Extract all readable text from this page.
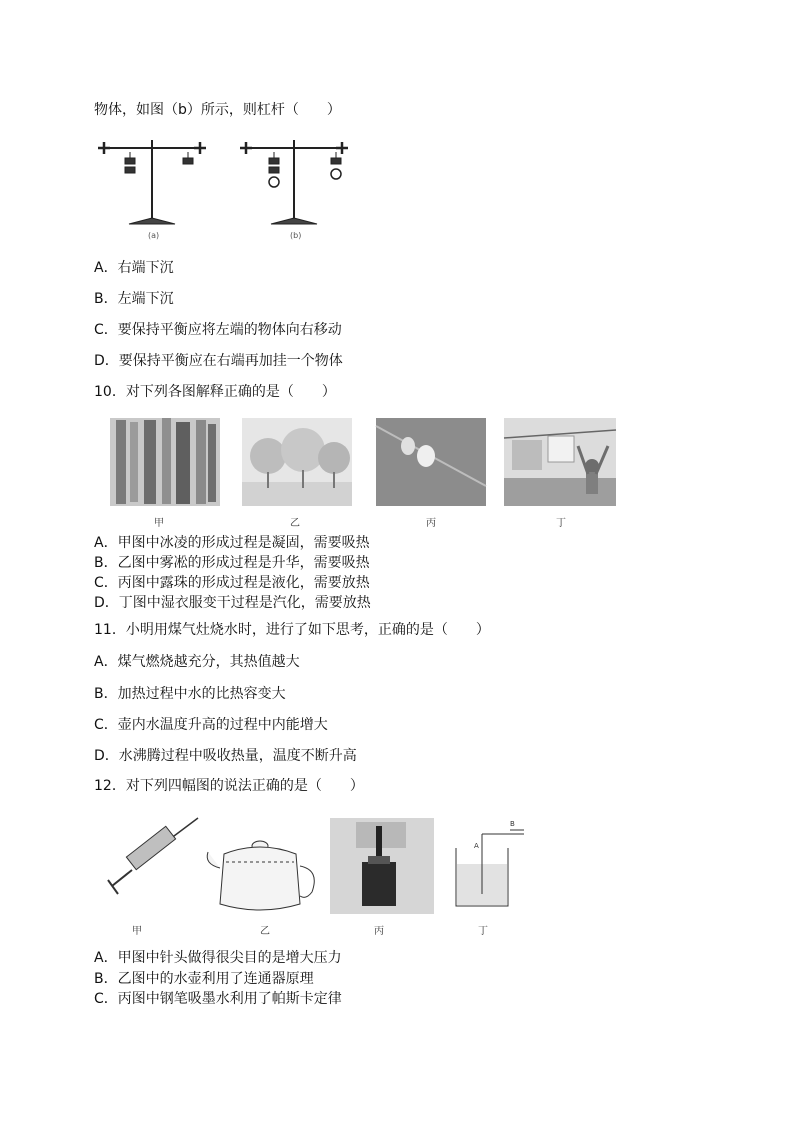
物体，如图（b）所示，则杠杆（　　）
(a)	(b)
A．右端下沉
B．左端下沉
C．要保持平衡应将左端的物体向右移动
D．要保持平衡应在右端再加挂一个物体
10．对下列各图解释正确的是（　　）
甲	乙	丙	丁
A．甲图中冰凌的形成过程是凝固，需要吸热
B．乙图中雾凇的形成过程是升华，需要吸热
C．丙图中露珠的形成过程是液化，需要放热
D．丁图中湿衣服变干过程是汽化，需要放热
11．小明用煤气灶烧水时，进行了如下思考，正确的是（　　）
A．煤气燃烧越充分，其热值越大
B．加热过程中水的比热容变大
C．壶内水温度升高的过程中内能增大
D．水沸腾过程中吸收热量，温度不断升高
12．对下列四幅图的说法正确的是（　　）
甲	乙	丙
A
B
丁
A．甲图中针头做得很尖目的是增大压力
B．乙图中的水壶利用了连通器原理
C．丙图中钢笔吸墨水利用了帕斯卡定律
